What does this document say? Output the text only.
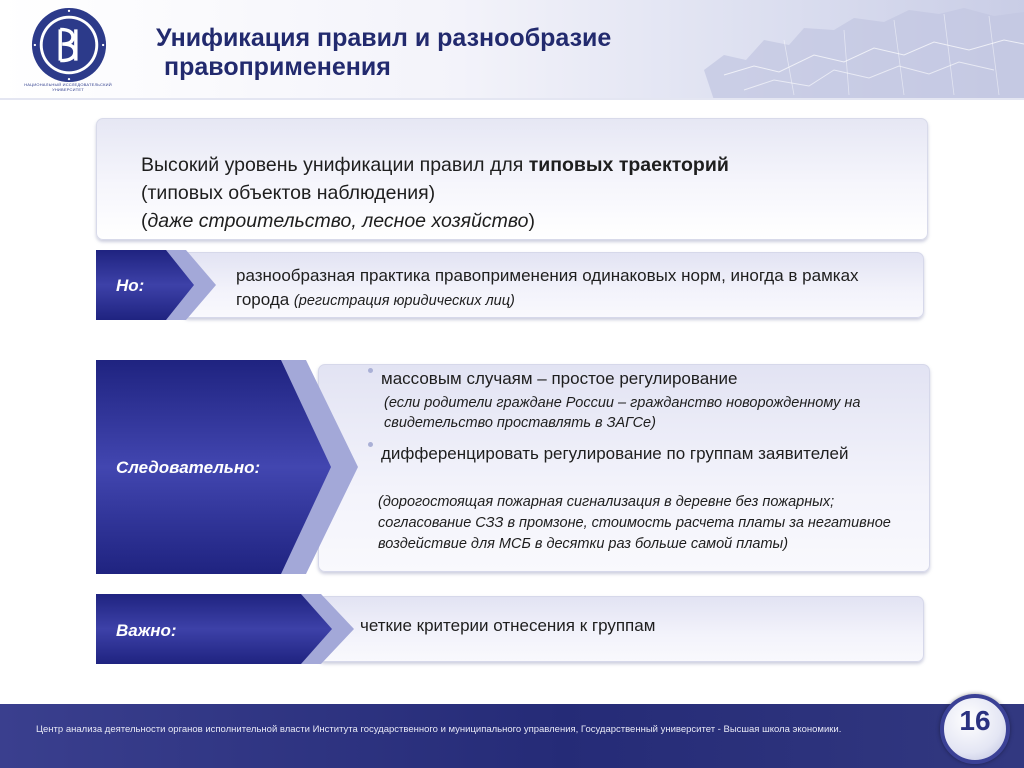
НАЦИОНАЛЬНЫЙ ИССЛЕДОВАТЕЛЬСКИЙ УНИВЕРСИТЕТ
Унификация правил и разнообразие
правоприменения
Высокий уровень унификации правил для типовых траекторий
(типовых объектов наблюдения)
(даже строительство, лесное хозяйство)
Но:
разнообразная практика правоприменения одинаковых норм, иногда в рамках города (регистрация юридических лиц)
Следовательно:
массовым случаям – простое регулирование
(если родители граждане России – гражданство новорожденному на свидетельство проставлять в ЗАГСе)
дифференцировать регулирование по группам заявителей
(дорогостоящая пожарная сигнализация в деревне без пожарных; согласование СЗЗ в промзоне, стоимость расчета платы за негативное воздействие для МСБ в десятки раз больше самой платы)
Важно:	четкие критерии отнесения к группам
Центр анализа деятельности органов исполнительной власти Института государственного и муниципального управления, Государственный университет - Высшая школа экономики.	16
